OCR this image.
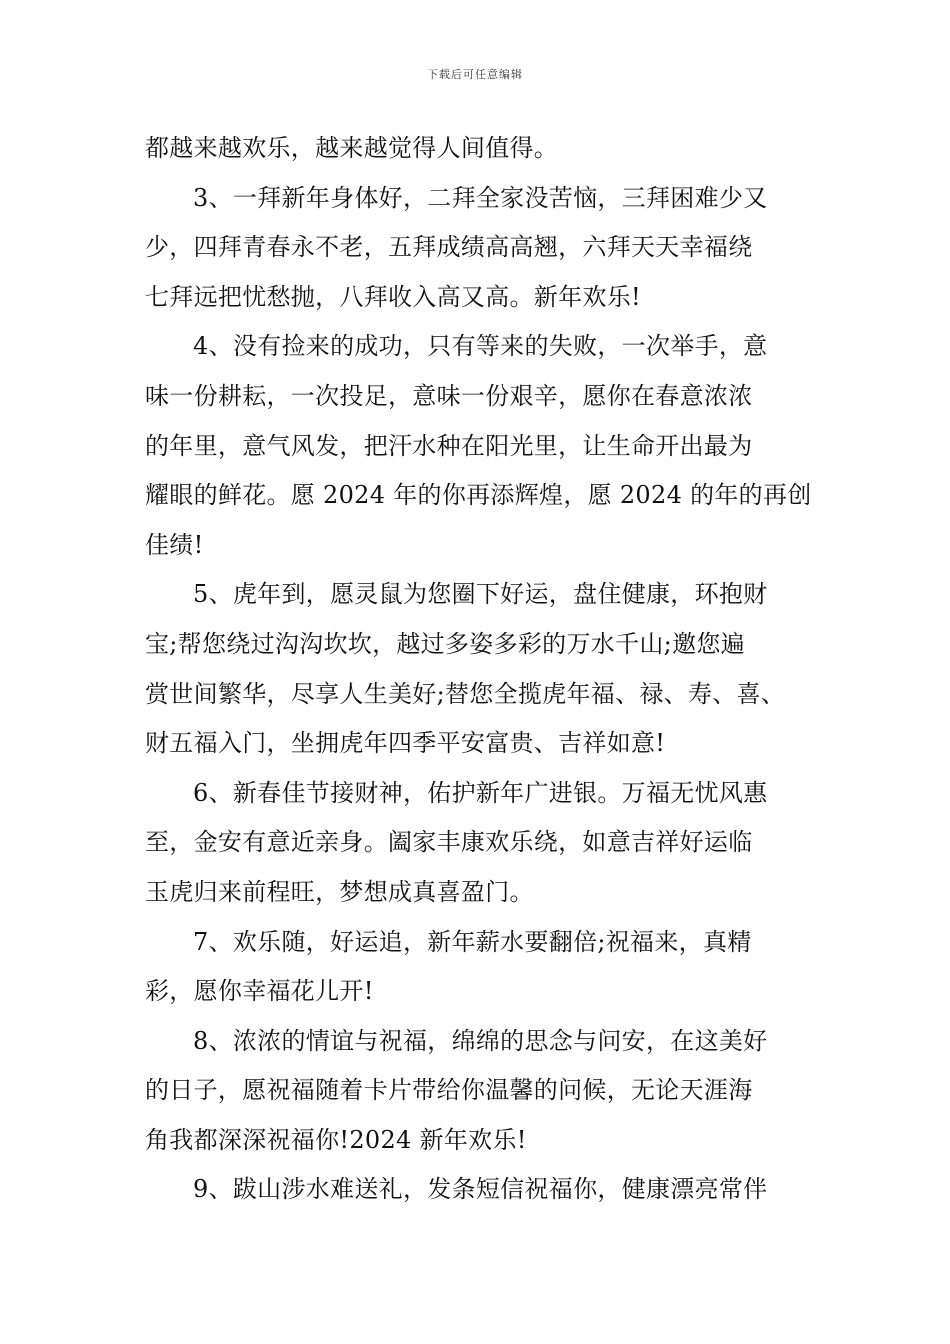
下载后可任意编辑
都越来越欢乐，越来越觉得人间值得。
3、一拜新年身体好，二拜全家没苦恼，三拜困难少又
少，四拜青春永不老，五拜成绩高高翘，六拜天天幸福绕
七拜远把忧愁抛，八拜收入高又高。新年欢乐!
4、没有捡来的成功，只有等来的失败，一次举手，意
味一份耕耘，一次投足，意味一份艰辛，愿你在春意浓浓
的年里，意气风发，把汗水种在阳光里，让生命开出最为
耀眼的鲜花。愿 2024 年的你再添辉煌，愿 2024 的年的再创
佳绩!
5、虎年到，愿灵鼠为您圈下好运，盘住健康，环抱财
宝;帮您绕过沟沟坎坎，越过多姿多彩的万水千山;邀您遍
赏世间繁华，尽享人生美好;替您全揽虎年福、禄、寿、喜、
财五福入门，坐拥虎年四季平安富贵、吉祥如意!
6、新春佳节接财神，佑护新年广进银。万福无忧风惠
至，金安有意近亲身。阖家丰康欢乐绕，如意吉祥好运临
玉虎归来前程旺，梦想成真喜盈门。
7、欢乐随，好运追，新年薪水要翻倍;祝福来，真精
彩，愿你幸福花儿开!
8、浓浓的情谊与祝福，绵绵的思念与问安，在这美好
的日子，愿祝福随着卡片带给你温馨的问候，无论天涯海
角我都深深祝福你!2024 新年欢乐!
9、跋山涉水难送礼，发条短信祝福你，健康漂亮常伴
